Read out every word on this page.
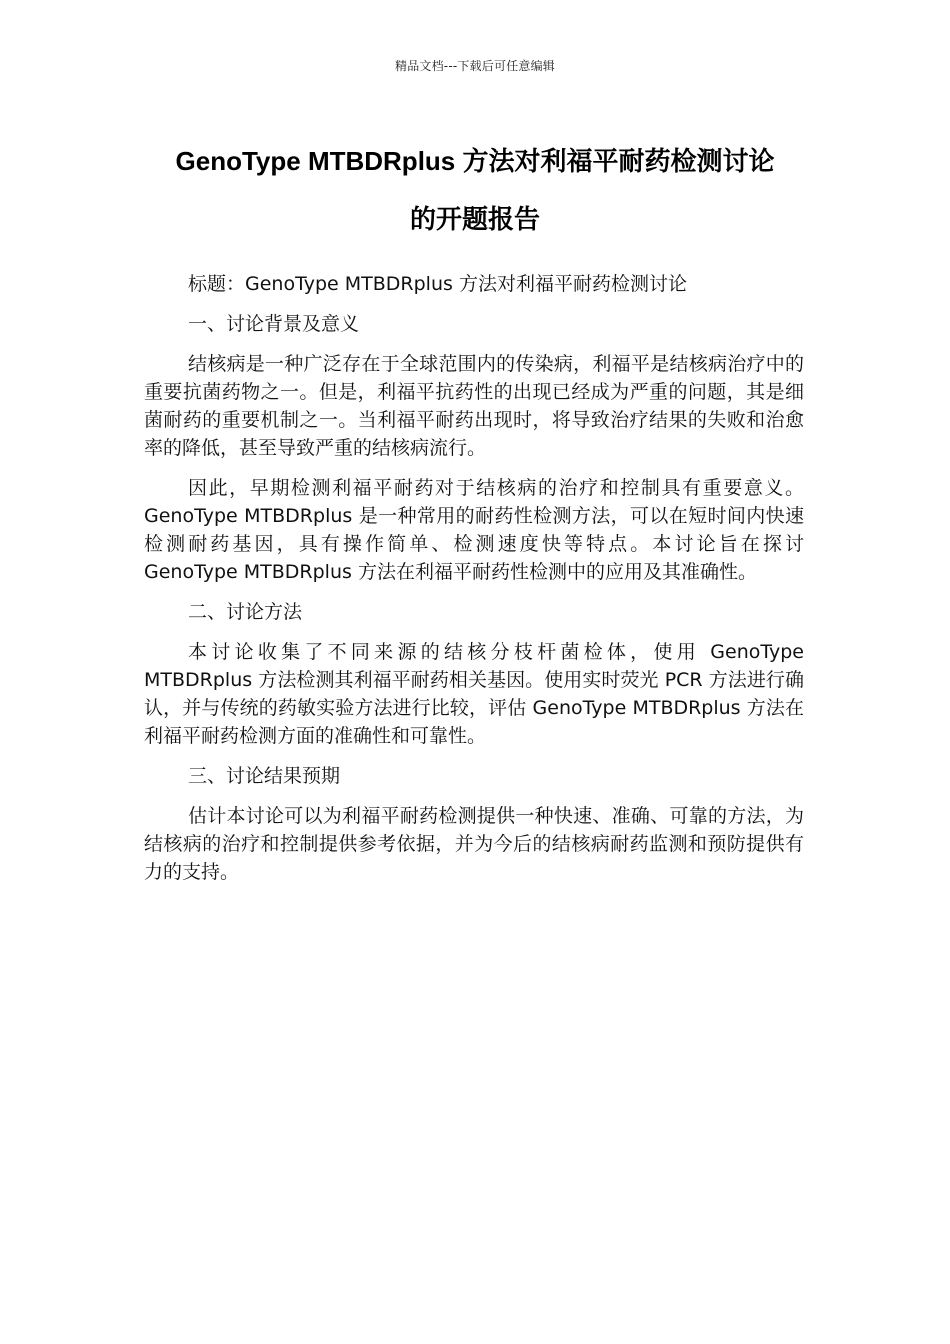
精品文档---下载后可任意编辑
GenoType MTBDRplus 方法对利福平耐药检测讨论
的开题报告

标题：GenoType MTBDRplus 方法对利福平耐药检测讨论

一、讨论背景及意义

结核病是一种广泛存在于全球范围内的传染病，利福平是结核病治疗中的重要抗菌药物之一。但是，利福平抗药性的出现已经成为严重的问题，其是细菌耐药的重要机制之一。当利福平耐药出现时，将导致治疗结果的失败和治愈率的降低，甚至导致严重的结核病流行。

因此，早期检测利福平耐药对于结核病的治疗和控制具有重要意义。GenoType MTBDRplus 是一种常用的耐药性检测方法，可以在短时间内快速检测耐药基因，具有操作简单、检测速度快等特点。本讨论旨在探讨 GenoType MTBDRplus 方法在利福平耐药性检测中的应用及其准确性。

二、讨论方法

本讨论收集了不同来源的结核分枝杆菌检体，使用 GenoType MTBDRplus 方法检测其利福平耐药相关基因。使用实时荧光 PCR 方法进行确认，并与传统的药敏实验方法进行比较，评估 GenoType MTBDRplus 方法在利福平耐药检测方面的准确性和可靠性。

三、讨论结果预期

估计本讨论可以为利福平耐药检测提供一种快速、准确、可靠的方法，为结核病的治疗和控制提供参考依据，并为今后的结核病耐药监测和预防提供有力的支持。
